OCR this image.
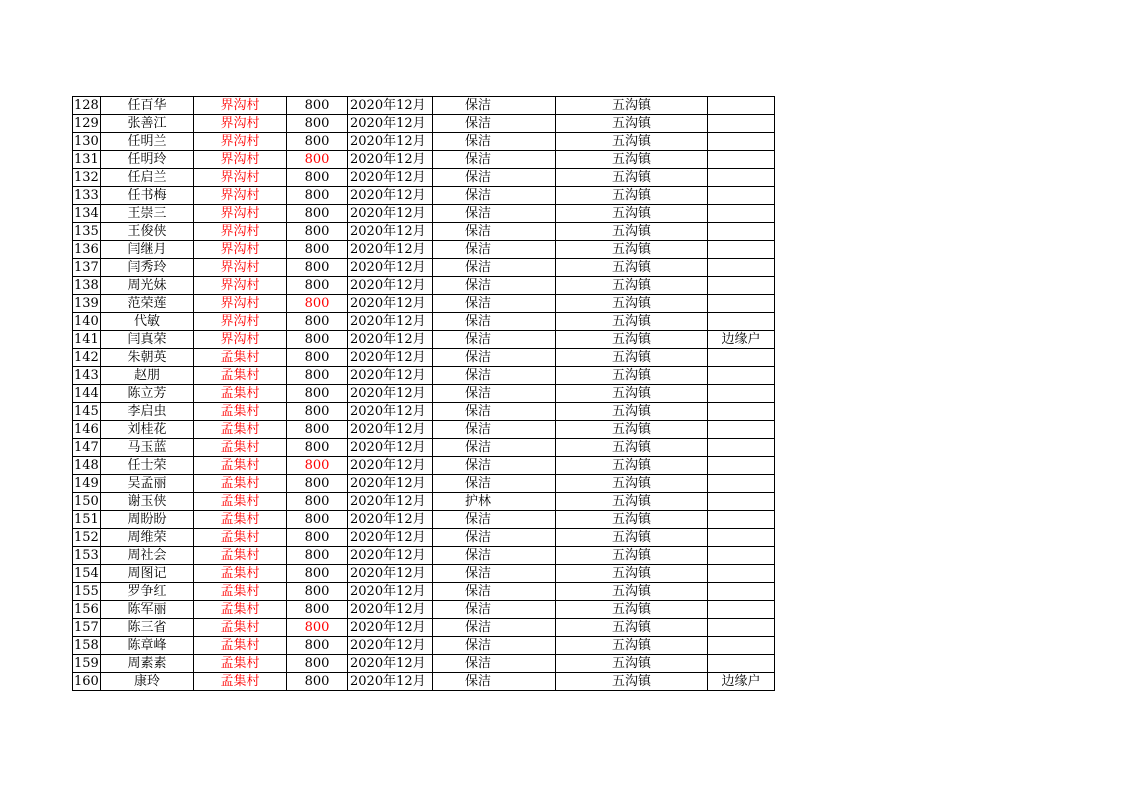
128	任百华	界沟村	800	2020年12月	保洁	五沟镇	
129	张善江	界沟村	800	2020年12月	保洁	五沟镇	
130	任明兰	界沟村	800	2020年12月	保洁	五沟镇	
131	任明玲	界沟村	800	2020年12月	保洁	五沟镇	
132	任启兰	界沟村	800	2020年12月	保洁	五沟镇	
133	任书梅	界沟村	800	2020年12月	保洁	五沟镇	
134	王崇三	界沟村	800	2020年12月	保洁	五沟镇	
135	王俊侠	界沟村	800	2020年12月	保洁	五沟镇	
136	闫继月	界沟村	800	2020年12月	保洁	五沟镇	
137	闫秀玲	界沟村	800	2020年12月	保洁	五沟镇	
138	周光妹	界沟村	800	2020年12月	保洁	五沟镇	
139	范荣莲	界沟村	800	2020年12月	保洁	五沟镇	
140	代敏	界沟村	800	2020年12月	保洁	五沟镇	
141	闫真荣	界沟村	800	2020年12月	保洁	五沟镇	边缘户
142	朱朝英	孟集村	800	2020年12月	保洁	五沟镇	
143	赵朋	孟集村	800	2020年12月	保洁	五沟镇	
144	陈立芳	孟集村	800	2020年12月	保洁	五沟镇	
145	李启虫	孟集村	800	2020年12月	保洁	五沟镇	
146	刘桂花	孟集村	800	2020年12月	保洁	五沟镇	
147	马玉蓝	孟集村	800	2020年12月	保洁	五沟镇	
148	任士荣	孟集村	800	2020年12月	保洁	五沟镇	
149	吴孟丽	孟集村	800	2020年12月	保洁	五沟镇	
150	谢玉侠	孟集村	800	2020年12月	护林	五沟镇	
151	周盼盼	孟集村	800	2020年12月	保洁	五沟镇	
152	周维荣	孟集村	800	2020年12月	保洁	五沟镇	
153	周社会	孟集村	800	2020年12月	保洁	五沟镇	
154	周图记	孟集村	800	2020年12月	保洁	五沟镇	
155	罗争红	孟集村	800	2020年12月	保洁	五沟镇	
156	陈军丽	孟集村	800	2020年12月	保洁	五沟镇	
157	陈三省	孟集村	800	2020年12月	保洁	五沟镇	
158	陈章峰	孟集村	800	2020年12月	保洁	五沟镇	
159	周素素	孟集村	800	2020年12月	保洁	五沟镇	
160	康玲	孟集村	800	2020年12月	保洁	五沟镇	边缘户
